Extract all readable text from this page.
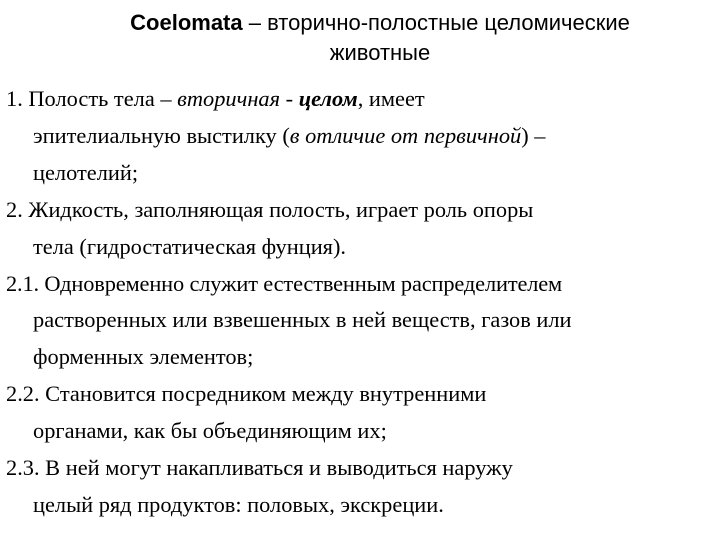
Coelomata – вторично-полостные целомические
животные
1. Полость тела – вторичная - целом, имеет
эпителиальную выстилку (в отличие от первичной) –
целотелий;
2. Жидкость, заполняющая полость, играет роль опоры
тела (гидростатическая фунция).
2.1. Одновременно служит естественным распределителем
растворенных или взвешенных в ней веществ, газов или
форменных элементов;
2.2. Становится посредником между внутренними
органами, как бы объединяющим их;
2.3. В ней могут накапливаться и выводиться наружу
целый ряд продуктов: половых, экскреции.
